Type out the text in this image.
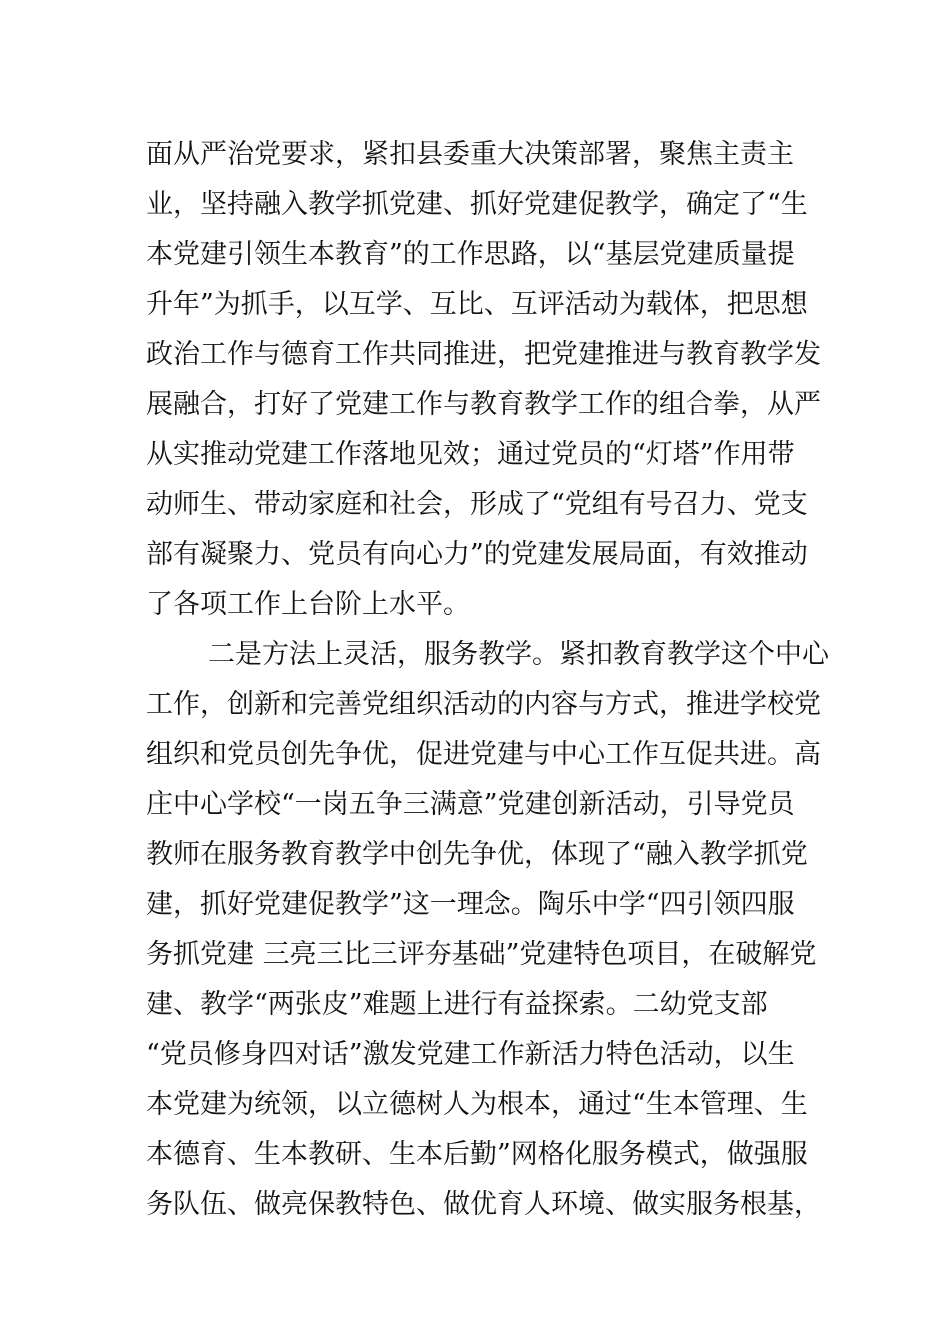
面从严治党要求，紧扣县委重大决策部署，聚焦主责主
业，坚持融入教学抓党建、抓好党建促教学，确定了“生
本党建引领生本教育”的工作思路，以“基层党建质量提
升年”为抓手，以互学、互比、互评活动为载体，把思想
政治工作与德育工作共同推进，把党建推进与教育教学发
展融合，打好了党建工作与教育教学工作的组合拳，从严
从实推动党建工作落地见效；通过党员的“灯塔”作用带
动师生、带动家庭和社会，形成了“党组有号召力、党支
部有凝聚力、党员有向心力”的党建发展局面，有效推动
了各项工作上台阶上水平。
二是方法上灵活，服务教学。紧扣教育教学这个中心
工作，创新和完善党组织活动的内容与方式，推进学校党
组织和党员创先争优，促进党建与中心工作互促共进。高
庄中心学校“一岗五争三满意”党建创新活动，引导党员
教师在服务教育教学中创先争优，体现了“融入教学抓党
建，抓好党建促教学”这一理念。陶乐中学“四引领四服
务抓党建 三亮三比三评夯基础”党建特色项目，在破解党
建、教学“两张皮”难题上进行有益探索。二幼党支部
“党员修身四对话”激发党建工作新活力特色活动，以生
本党建为统领，以立德树人为根本，通过“生本管理、生
本德育、生本教研、生本后勤”网格化服务模式，做强服
务队伍、做亮保教特色、做优育人环境、做实服务根基，
